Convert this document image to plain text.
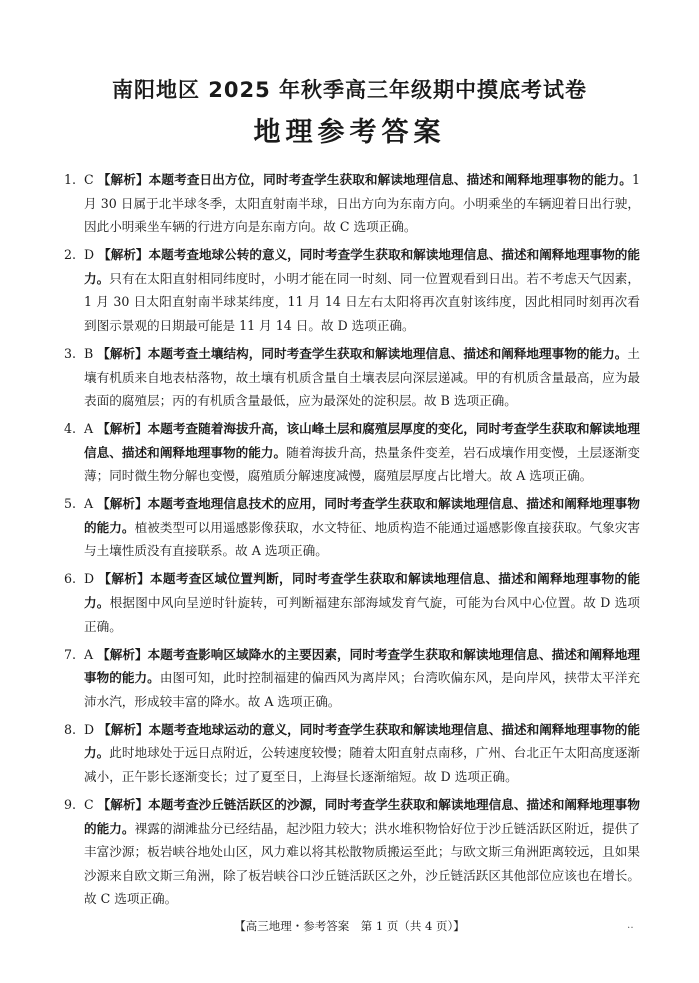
南阳地区 2025 年秋季高三年级期中摸底考试卷
地理参考答案
1. C 【解析】本题考查日出方位，同时考查学生获取和解读地理信息、描述和阐释地理事物的能力。1 月 30 日属于北半球冬季，太阳直射南半球，日出方向为东南方向。小明乘坐的车辆迎着日出行驶，因此小明乘坐车辆的行进方向是东南方向。故 C 选项正确。
2. D 【解析】本题考查地球公转的意义，同时考查学生获取和解读地理信息、描述和阐释地理事物的能力。只有在太阳直射相同纬度时，小明才能在同一时刻、同一位置观看到日出。若不考虑天气因素，1 月 30 日太阳直射南半球某纬度，11 月 14 日左右太阳将再次直射该纬度，因此相同时刻再次看到图示景观的日期最可能是 11 月 14 日。故 D 选项正确。
3. B 【解析】本题考查土壤结构，同时考查学生获取和解读地理信息、描述和阐释地理事物的能力。土壤有机质来自地表枯落物，故土壤有机质含量自土壤表层向深层递减。甲的有机质含量最高，应为最表面的腐殖层；丙的有机质含量最低，应为最深处的淀积层。故 B 选项正确。
4. A 【解析】本题考查随着海拔升高，该山峰土层和腐殖层厚度的变化，同时考查学生获取和解读地理信息、描述和阐释地理事物的能力。随着海拔升高，热量条件变差，岩石成壤作用变慢，土层逐渐变薄；同时微生物分解也变慢，腐殖质分解速度减慢，腐殖层厚度占比增大。故 A 选项正确。
5. A 【解析】本题考查地理信息技术的应用，同时考查学生获取和解读地理信息、描述和阐释地理事物的能力。植被类型可以用遥感影像获取，水文特征、地质构造不能通过遥感影像直接获取。气象灾害与土壤性质没有直接联系。故 A 选项正确。
6. D 【解析】本题考查区域位置判断，同时考查学生获取和解读地理信息、描述和阐释地理事物的能力。根据图中风向呈逆时针旋转，可判断福建东部海域发育气旋，可能为台风中心位置。故 D 选项正确。
7. A 【解析】本题考查影响区域降水的主要因素，同时考查学生获取和解读地理信息、描述和阐释地理事物的能力。由图可知，此时控制福建的偏西风为离岸风；台湾吹偏东风，是向岸风，挟带太平洋充沛水汽，形成较丰富的降水。故 A 选项正确。
8. D 【解析】本题考查地球运动的意义，同时考查学生获取和解读地理信息、描述和阐释地理事物的能力。此时地球处于远日点附近，公转速度较慢；随着太阳直射点南移，广州、台北正午太阳高度逐渐减小，正午影长逐渐变长；过了夏至日，上海昼长逐渐缩短。故 D 选项正确。
9. C 【解析】本题考查沙丘链活跃区的沙源，同时考查学生获取和解读地理信息、描述和阐释地理事物的能力。裸露的湖滩盐分已经结晶，起沙阻力较大；洪水堆积物恰好位于沙丘链活跃区附近，提供了丰富沙源；板岩峡谷地处山区，风力难以将其松散物质搬运至此；与欧文斯三角洲距离较远，且如果沙源来自欧文斯三角洲，除了板岩峡谷口沙丘链活跃区之外，沙丘链活跃区其他部位应该也在增长。故 C 选项正确。
【高三地理・参考答案　第 1 页（共 4 页）】	‥
